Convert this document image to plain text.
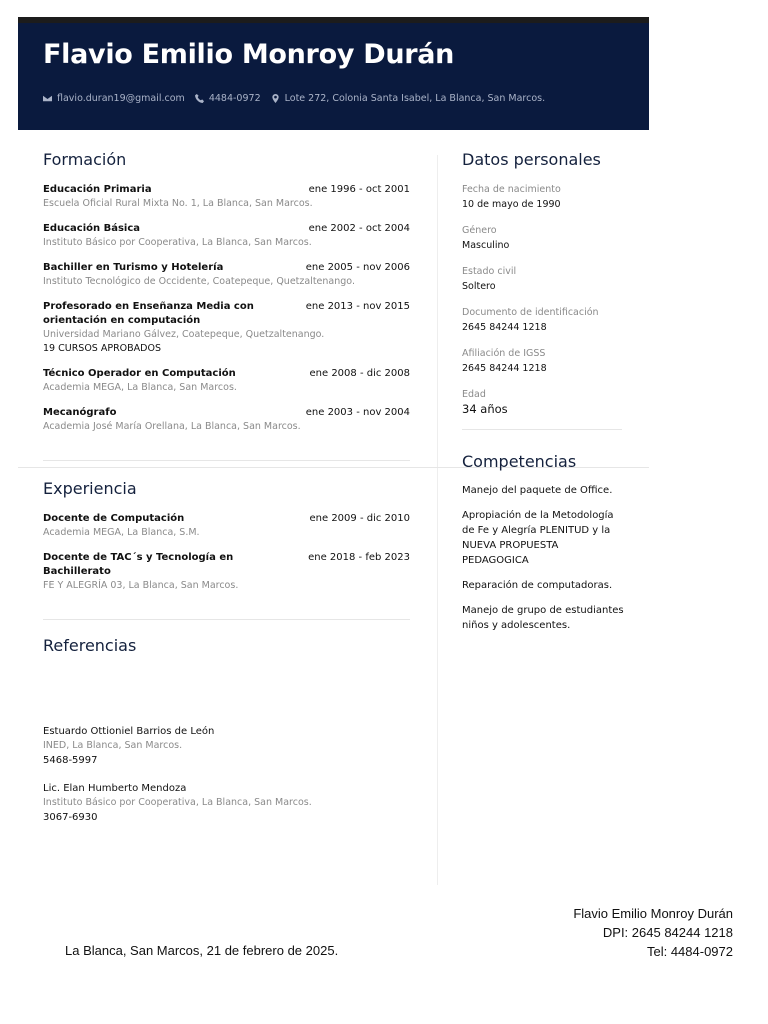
Flavio Emilio Monroy Durán
flavio.duran19@gmail.com	4484-0972	Lote 272, Colonia Santa Isabel, La Blanca, San Marcos.
Formación
Educación Primaria	ene 1996 - oct 2001
Escuela Oficial Rural Mixta No. 1, La Blanca, San Marcos.
Educación Básica	ene 2002 - oct 2004
Instituto Básico por Cooperativa, La Blanca, San Marcos.
Bachiller en Turismo y Hotelería	ene 2005 - nov 2006
Instituto Tecnológico de Occidente, Coatepeque, Quetzaltenango.
Profesorado en Enseñanza Media con orientación en computación
ene 2013 - nov 2015
Universidad Mariano Gálvez, Coatepeque, Quetzaltenango.
19 CURSOS APROBADOS
Técnico Operador en Computación	ene 2008 - dic 2008
Academia MEGA, La Blanca, San Marcos.
Mecanógrafo	ene 2003 - nov 2004
Academia José María Orellana, La Blanca, San Marcos.
Experiencia
Docente de Computación	ene 2009 - dic 2010
Academia MEGA, La Blanca, S.M.
Docente de TAC´s y Tecnología en Bachillerato
ene 2018 - feb 2023
FE Y ALEGRÍA 03, La Blanca, San Marcos.
Referencias
Estuardo Ottioniel Barrios de León
INED, La Blanca, San Marcos.
5468-5997
Lic. Elan Humberto Mendoza
Instituto Básico por Cooperativa, La Blanca, San Marcos.
3067-6930
Datos personales
Fecha de nacimiento
10 de mayo de 1990
Género
Masculino
Estado civil
Soltero
Documento de identificación
2645 84244 1218
Afiliación de IGSS
2645 84244 1218
Edad
34 años
Competencias
Manejo del paquete de Office.
Apropiación de la Metodología de Fe y Alegría PLENITUD y la NUEVA PROPUESTA PEDAGOGICA
Reparación de computadoras.
Manejo de grupo de estudiantes niños y adolescentes.
La Blanca, San Marcos, 21 de febrero de 2025.
Flavio Emilio Monroy Durán
DPI: 2645 84244 1218
Tel: 4484-0972
